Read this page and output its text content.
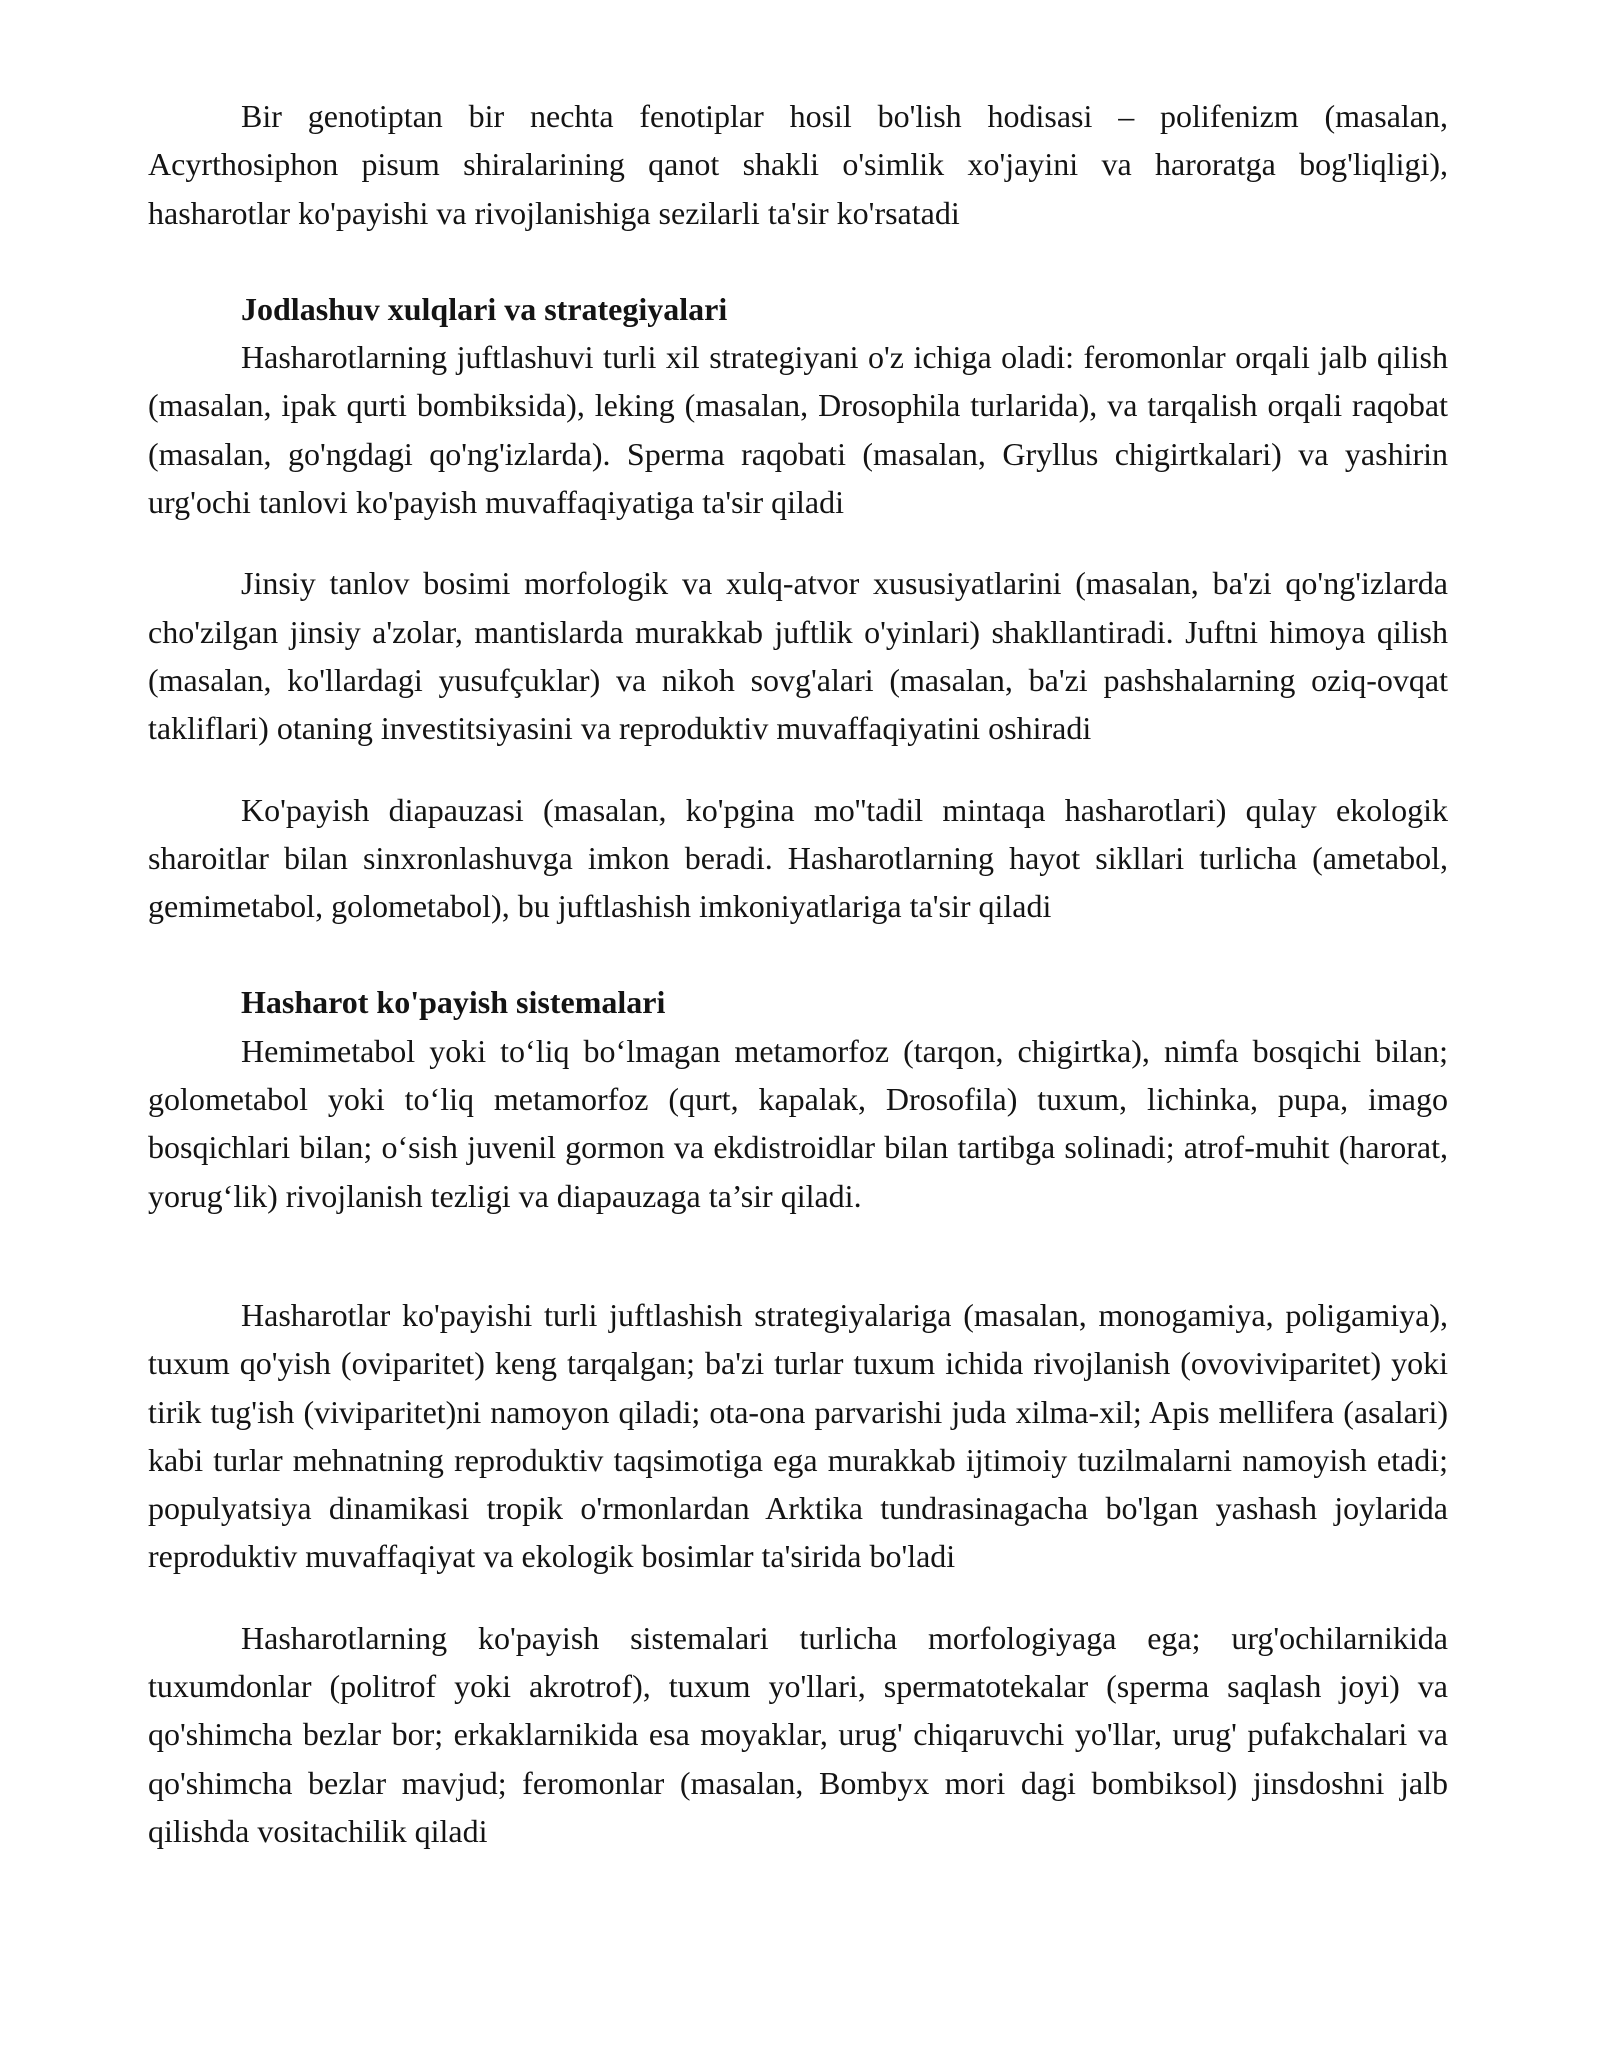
Bir genotiptan bir nechta fenotiplar hosil bo'lish hodisasi – polifenizm (masalan, Acyrthosiphon pisum shiralarining qanot shakli o'simlik xo'jayini va haroratga bog'liqligi), hasharotlar ko'payishi va rivojlanishiga sezilarli ta'sir ko'rsatadi

Jodlashuv xulqlari va strategiyalari

Hasharotlarning juftlashuvi turli xil strategiyani o'z ichiga oladi: feromonlar orqali jalb qilish (masalan, ipak qurti bombiksida), leking (masalan, Drosophila turlarida), va tarqalish orqali raqobat (masalan, go'ngdagi qo'ng'izlarda). Sperma raqobati (masalan, Gryllus chigirtkalari) va yashirin urg'ochi tanlovi ko'payish muvaffaqiyatiga ta'sir qiladi

Jinsiy tanlov bosimi morfologik va xulq-atvor xususiyatlarini (masalan, ba'zi qo'ng'izlarda cho'zilgan jinsiy a'zolar, mantislarda murakkab juftlik o'yinlari) shakllantiradi. Juftni himoya qilish (masalan, ko'llardagi yusufçuklar) va nikoh sovg'alari (masalan, ba'zi pashshalarning oziq-ovqat takliflari) otaning investitsiyasini va reproduktiv muvaffaqiyatini oshiradi

Ko'payish diapauzasi (masalan, ko'pgina mo''tadil mintaqa hasharotlari) qulay ekologik sharoitlar bilan sinxronlashuvga imkon beradi. Hasharotlarning hayot sikllari turlicha (ametabol, gemimetabol, golometabol), bu juftlashish imkoniyatlariga ta'sir qiladi

Hasharot ko'payish sistemalari

Hemimetabol yoki to‘liq bo‘lmagan metamorfoz (tarqon, chigirtka), nimfa bosqichi bilan; golometabol yoki to‘liq metamorfoz (qurt, kapalak, Drosofila) tuxum, lichinka, pupa, imago bosqichlari bilan; o‘sish juvenil gormon va ekdistroidlar bilan tartibga solinadi; atrof-muhit (harorat, yorug‘lik) rivojlanish tezligi va diapauzaga ta’sir qiladi.

Hasharotlar ko'payishi turli juftlashish strategiyalariga (masalan, monogamiya, poligamiya), tuxum qo'yish (oviparitet) keng tarqalgan; ba'zi turlar tuxum ichida rivojlanish (ovoviviparitet) yoki tirik tug'ish (viviparitet)ni namoyon qiladi; ota-ona parvarishi juda xilma-xil; Apis mellifera (asalari) kabi turlar mehnatning reproduktiv taqsimotiga ega murakkab ijtimoiy tuzilmalarni namoyish etadi; populyatsiya dinamikasi tropik o'rmonlardan Arktika tundrasinagacha bo'lgan yashash joylarida reproduktiv muvaffaqiyat va ekologik bosimlar ta'sirida bo'ladi

Hasharotlarning ko'payish sistemalari turlicha morfologiyaga ega; urg'ochilarnikida tuxumdonlar (politrof yoki akrotrof), tuxum yo'llari, spermatotekalar (sperma saqlash joyi) va qo'shimcha bezlar bor; erkaklarnikida esa moyaklar, urug' chiqaruvchi yo'llar, urug' pufakchalari va qo'shimcha bezlar mavjud; feromonlar (masalan, Bombyx mori dagi bombiksol) jinsdoshni jalb qilishda vositachilik qiladi
